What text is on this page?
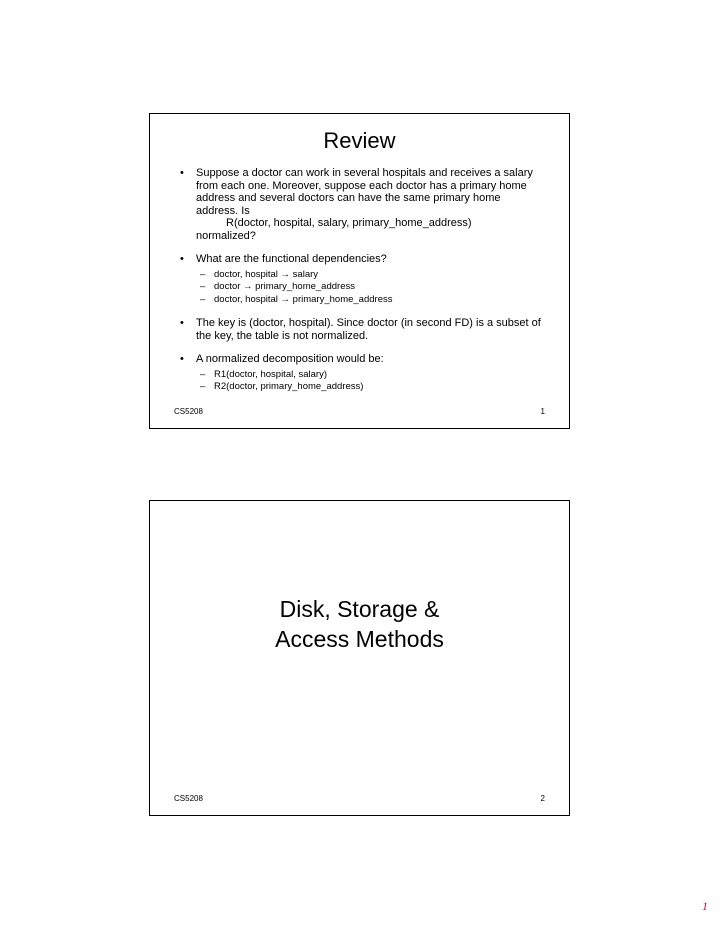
Review
• Suppose a doctor can work in several hospitals and receives a salary from each one. Moreover, suppose each doctor has a primary home address and several doctors can have the same primary home address. Is
R(doctor, hospital, salary, primary_home_address)
normalized?
• What are the functional dependencies?
– doctor, hospital → salary
– doctor → primary_home_address
– doctor, hospital → primary_home_address
• The key is (doctor, hospital). Since doctor (in second FD) is a subset of the key, the table is not normalized.
• A normalized decomposition would be:
– R1(doctor, hospital, salary)
– R2(doctor, primary_home_address)
CS5208	1
Disk, Storage &
Access Methods
CS5208	2
1
